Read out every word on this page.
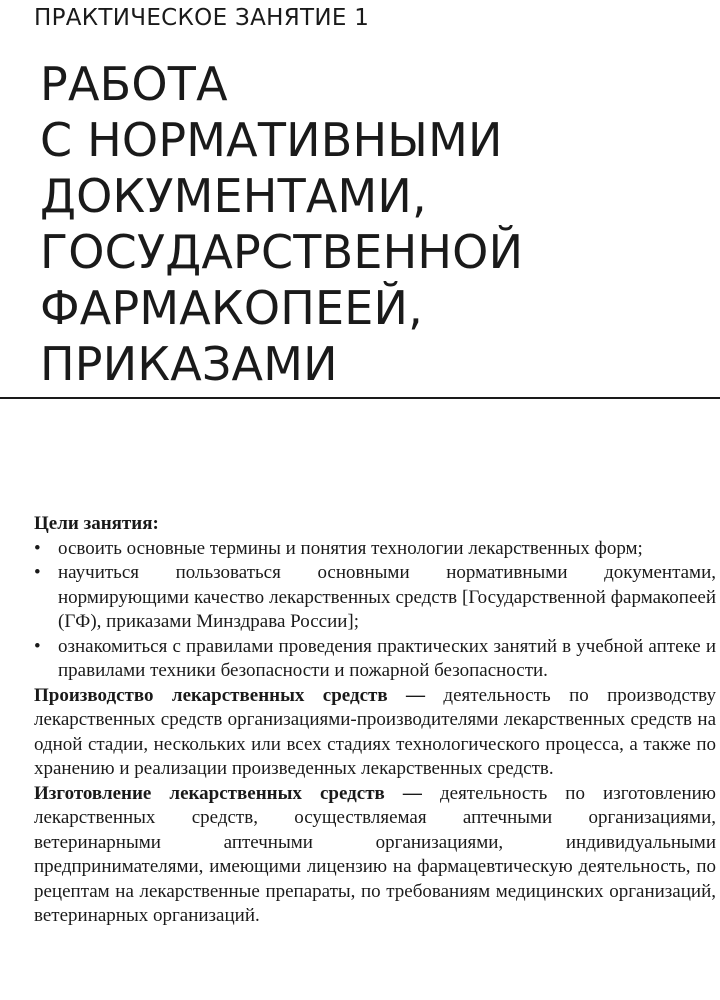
ПРАКТИЧЕСКОЕ ЗАНЯТИЕ 1
РАБОТА
С НОРМАТИВНЫМИ
ДОКУМЕНТАМИ,
ГОСУДАРСТВЕННОЙ
ФАРМАКОПЕЕЙ,
ПРИКАЗАМИ

Цели занятия:

• освоить основные термины и понятия технологии лекарственных форм;
• научиться пользоваться основными нормативными документами, нормирующими качество лекарственных средств [Государственной фармакопеей (ГФ), приказами Минздрава России];
• ознакомиться с правилами проведения практических занятий в учебной аптеке и правилами техники безопасности и пожарной безопасности.

Производство лекарственных средств — деятельность по производству лекарственных средств организациями-производителями лекарственных средств на одной стадии, нескольких или всех стадиях технологического процесса, а также по хранению и реализации произведенных лекарственных средств.

Изготовление лекарственных средств — деятельность по изготовлению лекарственных средств, осуществляемая аптечными организациями, ветеринарными аптечными организациями, индивидуальными предпринимателями, имеющими лицензию на фармацевтическую деятельность, по рецептам на лекарственные препараты, по требованиям медицинских организаций, ветеринарных организаций.
